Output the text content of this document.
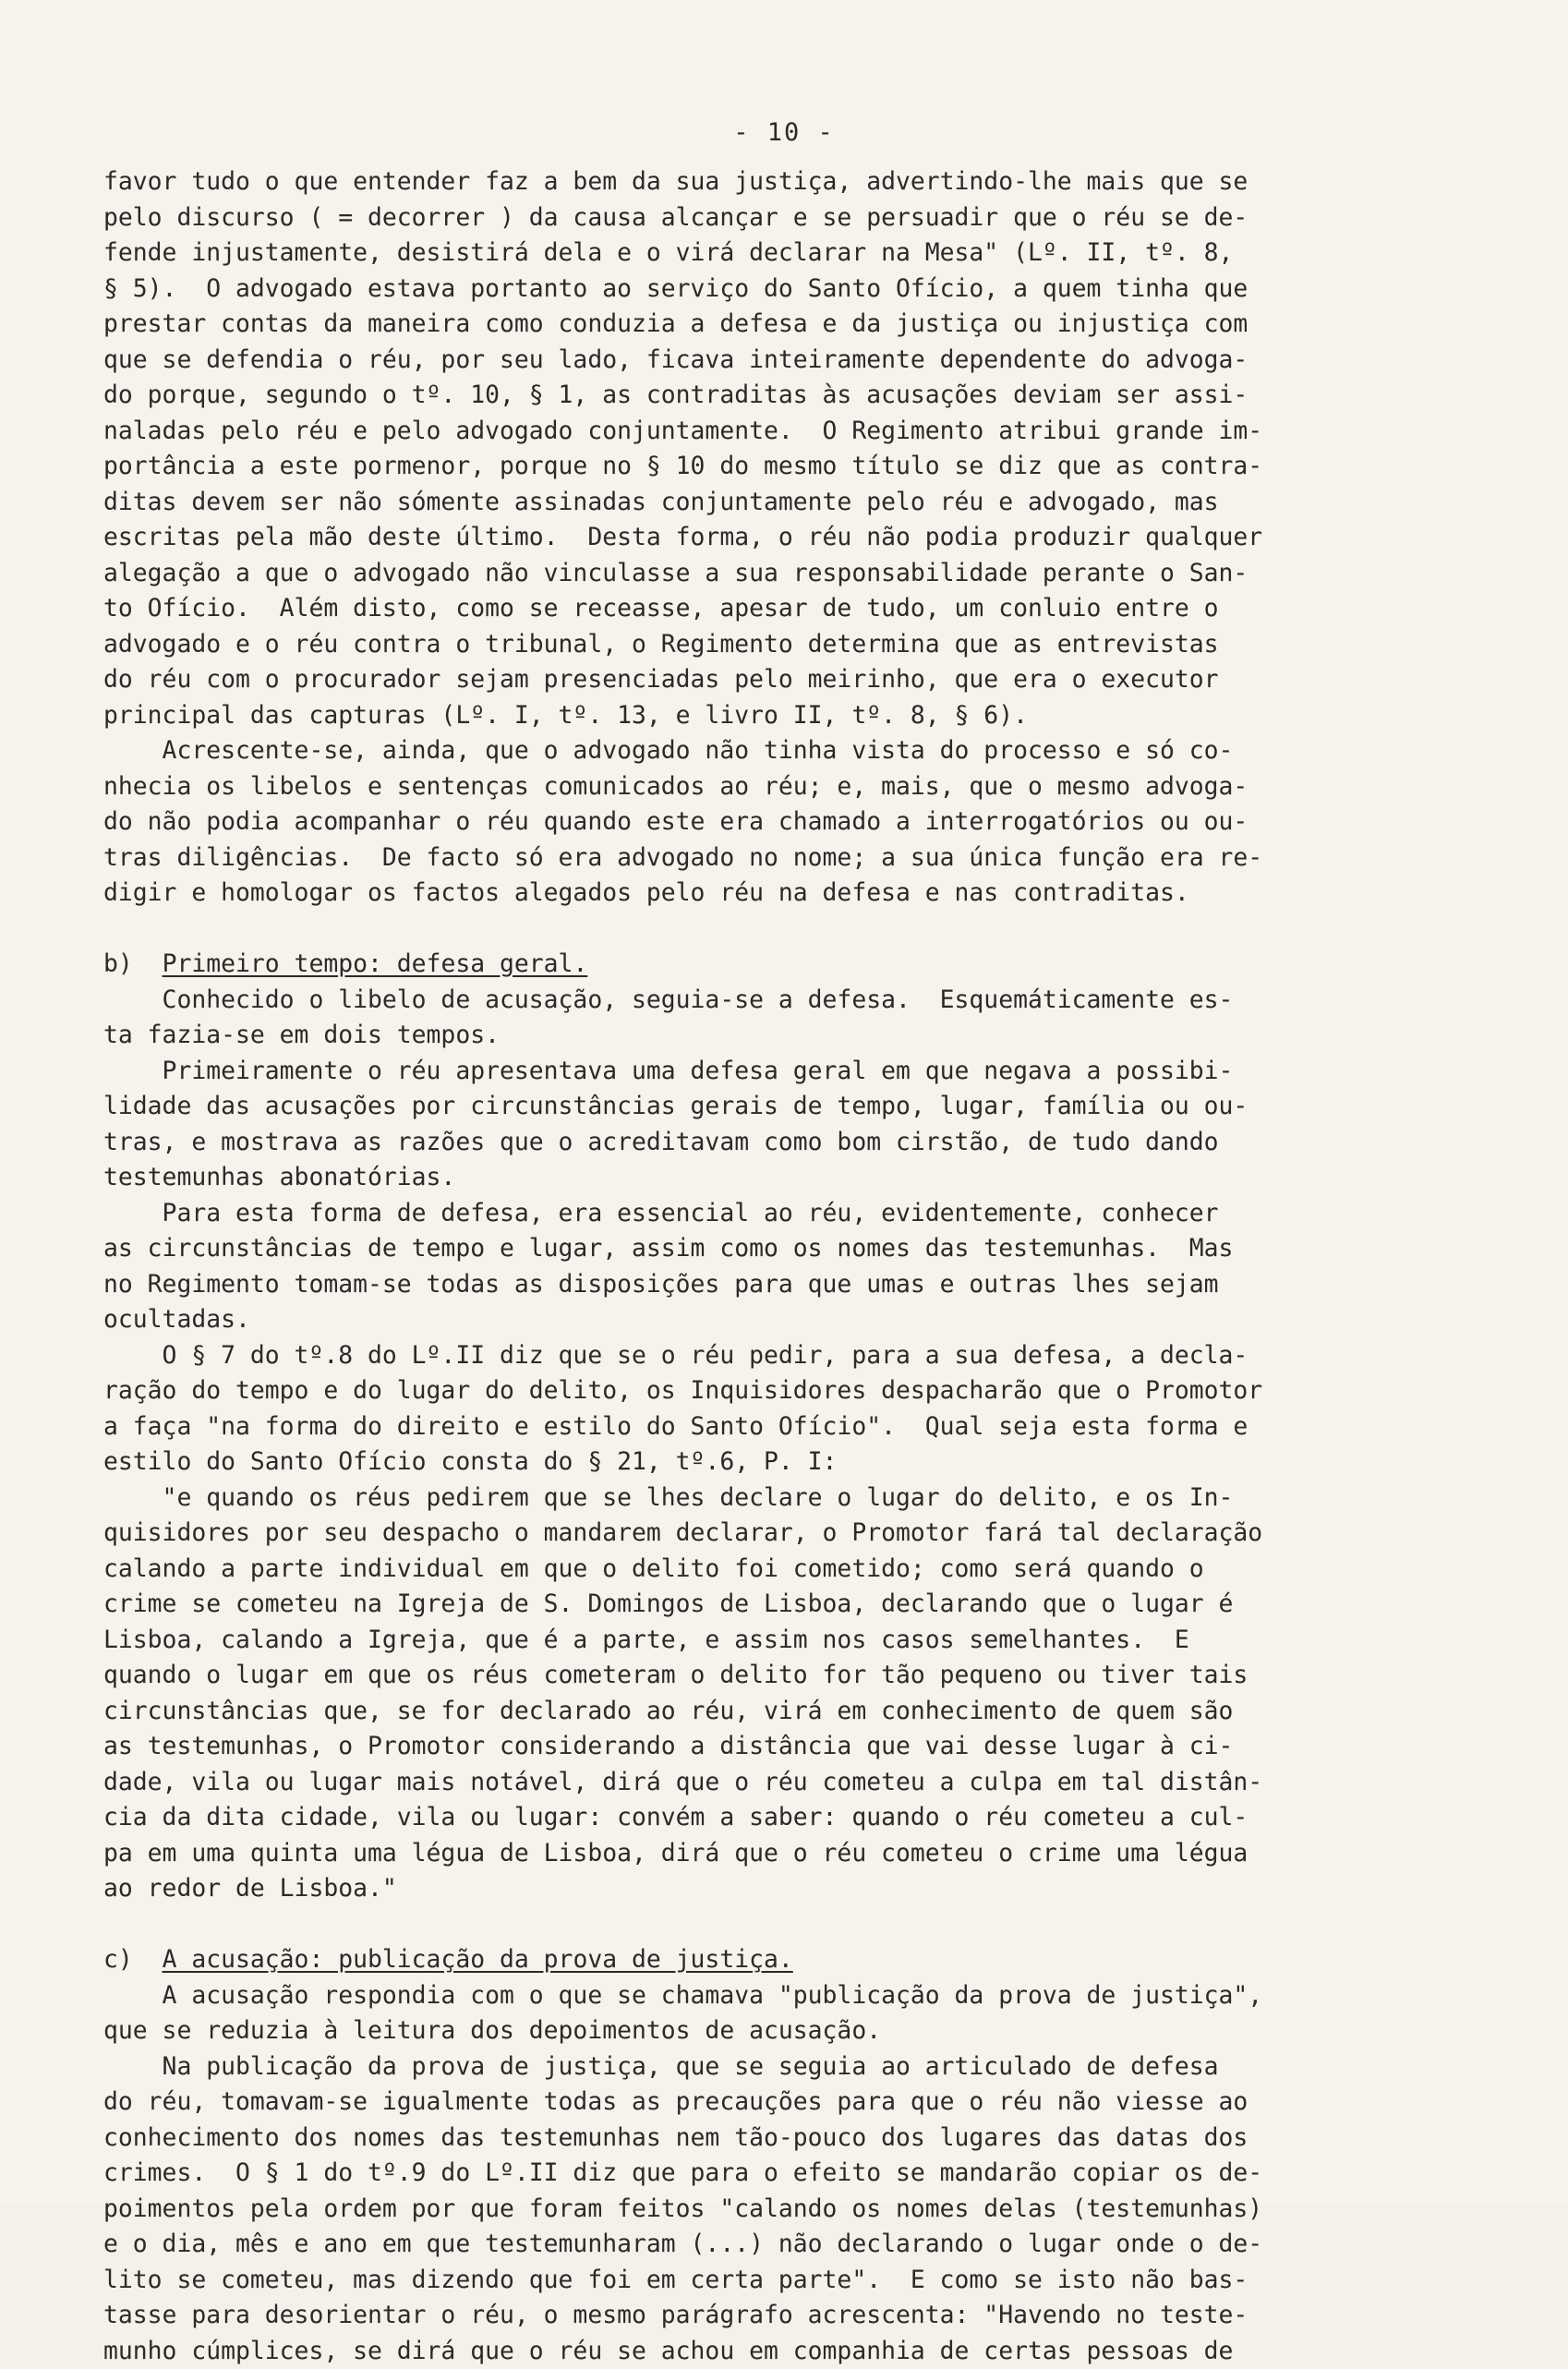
- 10 -
favor tudo o que entender faz a bem da sua justiça, advertindo-lhe mais que se
pelo discurso ( = decorrer ) da causa alcançar e se persuadir que o réu se de-
fende injustamente, desistirá dela e o virá declarar na Mesa" (Lº. II, tº. 8,
§ 5).  O advogado estava portanto ao serviço do Santo Ofício, a quem tinha que
prestar contas da maneira como conduzia a defesa e da justiça ou injustiça com
que se defendia o réu, por seu lado, ficava inteiramente dependente do advoga-
do porque, segundo o tº. 10, § 1, as contraditas às acusações deviam ser assi-
naladas pelo réu e pelo advogado conjuntamente.  O Regimento atribui grande im-
portância a este pormenor, porque no § 10 do mesmo título se diz que as contra-
ditas devem ser não sómente assinadas conjuntamente pelo réu e advogado, mas
escritas pela mão deste último.  Desta forma, o réu não podia produzir qualquer
alegação a que o advogado não vinculasse a sua responsabilidade perante o San-
to Ofício.  Além disto, como se receasse, apesar de tudo, um conluio entre o
advogado e o réu contra o tribunal, o Regimento determina que as entrevistas
do réu com o procurador sejam presenciadas pelo meirinho, que era o executor
principal das capturas (Lº. I, tº. 13, e livro II, tº. 8, § 6).
Acrescente-se, ainda, que o advogado não tinha vista do processo e só co-
nhecia os libelos e sentenças comunicados ao réu; e, mais, que o mesmo advoga-
do não podia acompanhar o réu quando este era chamado a interrogatórios ou ou-
tras diligências.  De facto só era advogado no nome; a sua única função era re-
digir e homologar os factos alegados pelo réu na defesa e nas contraditas.
b) Primeiro tempo: defesa geral.
Conhecido o libelo de acusação, seguia-se a defesa.  Esquemáticamente es-
ta fazia-se em dois tempos.
Primeiramente o réu apresentava uma defesa geral em que negava a possibi-
lidade das acusações por circunstâncias gerais de tempo, lugar, família ou ou-
tras, e mostrava as razões que o acreditavam como bom cirstão, de tudo dando
testemunhas abonatórias.
Para esta forma de defesa, era essencial ao réu, evidentemente, conhecer
as circunstâncias de tempo e lugar, assim como os nomes das testemunhas.  Mas
no Regimento tomam-se todas as disposições para que umas e outras lhes sejam
ocultadas.
O § 7 do tº.8 do Lº.II diz que se o réu pedir, para a sua defesa, a decla-
ração do tempo e do lugar do delito, os Inquisidores despacharão que o Promotor
a faça "na forma do direito e estilo do Santo Ofício".  Qual seja esta forma e
estilo do Santo Ofício consta do § 21, tº.6, P. I:
"e quando os réus pedirem que se lhes declare o lugar do delito, e os In-
quisidores por seu despacho o mandarem declarar, o Promotor fará tal declaração
calando a parte individual em que o delito foi cometido; como será quando o
crime se cometeu na Igreja de S. Domingos de Lisboa, declarando que o lugar é
Lisboa, calando a Igreja, que é a parte, e assim nos casos semelhantes.  E
quando o lugar em que os réus cometeram o delito for tão pequeno ou tiver tais
circunstâncias que, se for declarado ao réu, virá em conhecimento de quem são
as testemunhas, o Promotor considerando a distância que vai desse lugar à ci-
dade, vila ou lugar mais notável, dirá que o réu cometeu a culpa em tal distân-
cia da dita cidade, vila ou lugar: convém a saber: quando o réu cometeu a cul-
pa em uma quinta uma légua de Lisboa, dirá que o réu cometeu o crime uma légua
ao redor de Lisboa."
c) A acusação: publicação da prova de justiça.
A acusação respondia com o que se chamava "publicação da prova de justiça",
que se reduzia à leitura dos depoimentos de acusação.
Na publicação da prova de justiça, que se seguia ao articulado de defesa
do réu, tomavam-se igualmente todas as precauções para que o réu não viesse ao
conhecimento dos nomes das testemunhas nem tão-pouco dos lugares das datas dos
crimes.  O § 1 do tº.9 do Lº.II diz que para o efeito se mandarão copiar os de-
poimentos pela ordem por que foram feitos "calando os nomes delas (testemunhas)
e o dia, mês e ano em que testemunharam (...) não declarando o lugar onde o de-
lito se cometeu, mas dizendo que foi em certa parte".  E como se isto não bas-
tasse para desorientar o réu, o mesmo parágrafo acrescenta: "Havendo no teste-
munho cúmplices, se dirá que o réu se achou em companhia de certas pessoas de
